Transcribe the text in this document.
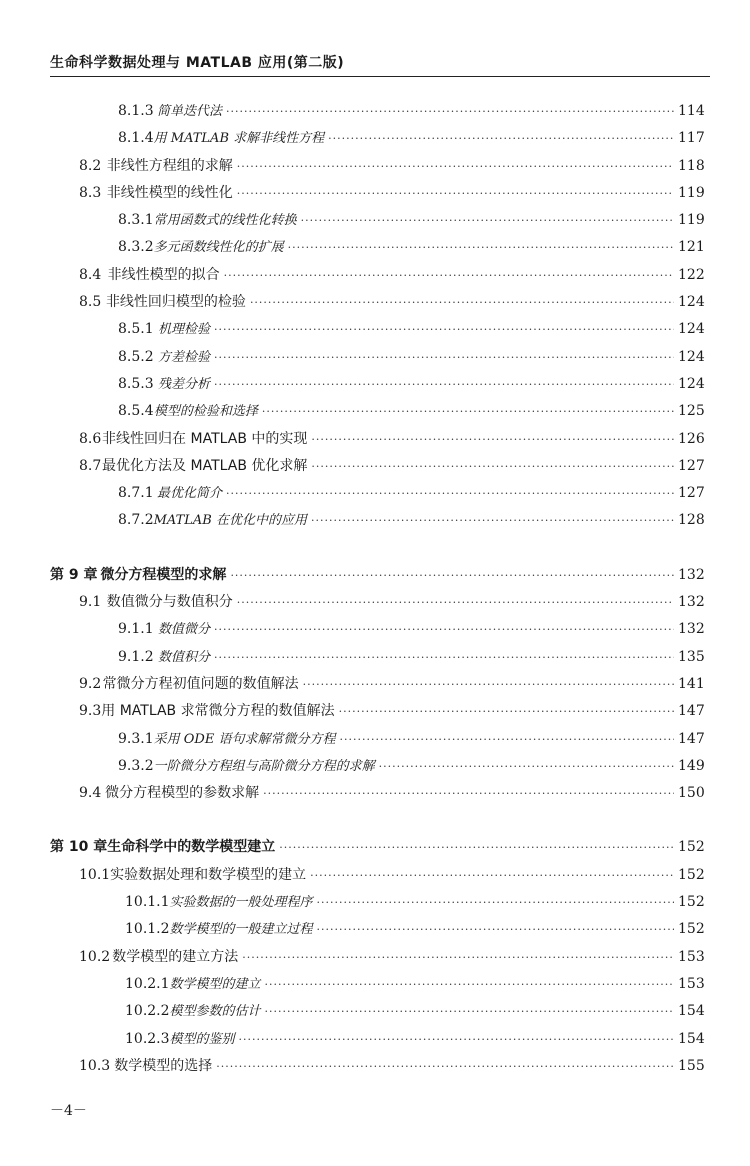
生命科学数据处理与 MATLAB 应用(第二版)
8.1.3 简单迭代法 ·····	114
8.1.4 用 MATLAB 求解非线性方程 ·····	117
8.2 非线性方程组的求解 ·····	118
8.3 非线性模型的线性化 ·····	119
8.3.1 常用函数式的线性化转换 ·····	119
8.3.2 多元函数线性化的扩展 ·····	121
8.4 非线性模型的拟合 ·····	122
8.5 非线性回归模型的检验 ·····	124
8.5.1 机理检验 ·····	124
8.5.2 方差检验 ·····	124
8.5.3 残差分析 ·····	124
8.5.4 模型的检验和选择 ·····	125
8.6 非线性回归在 MATLAB 中的实现 ·····	126
8.7 最优化方法及 MATLAB 优化求解 ·····	127
8.7.1 最优化简介 ·····	127
8.7.2 MATLAB 在优化中的应用 ·····	128
第 9 章 微分方程模型的求解 ·····	132
9.1 数值微分与数值积分 ·····	132
9.1.1 数值微分 ·····	132
9.1.2 数值积分 ·····	135
9.2 常微分方程初值问题的数值解法 ·····	141
9.3 用 MATLAB 求常微分方程的数值解法 ·····	147
9.3.1 采用 ODE 语句求解常微分方程 ·····	147
9.3.2 一阶微分方程组与高阶微分方程的求解 ·····	149
9.4 微分方程模型的参数求解 ·····	150
第 10 章 生命科学中的数学模型建立 ·····	152
10.1 实验数据处理和数学模型的建立 ·····	152
10.1.1 实验数据的一般处理程序 ·····	152
10.1.2 数学模型的一般建立过程 ·····	152
10.2 数学模型的建立方法 ·····	153
10.2.1 数学模型的建立 ·····	153
10.2.2 模型参数的估计 ·····	154
10.2.3 模型的鉴别 ·····	154
10.3 数学模型的选择 ·····	155
－4－
